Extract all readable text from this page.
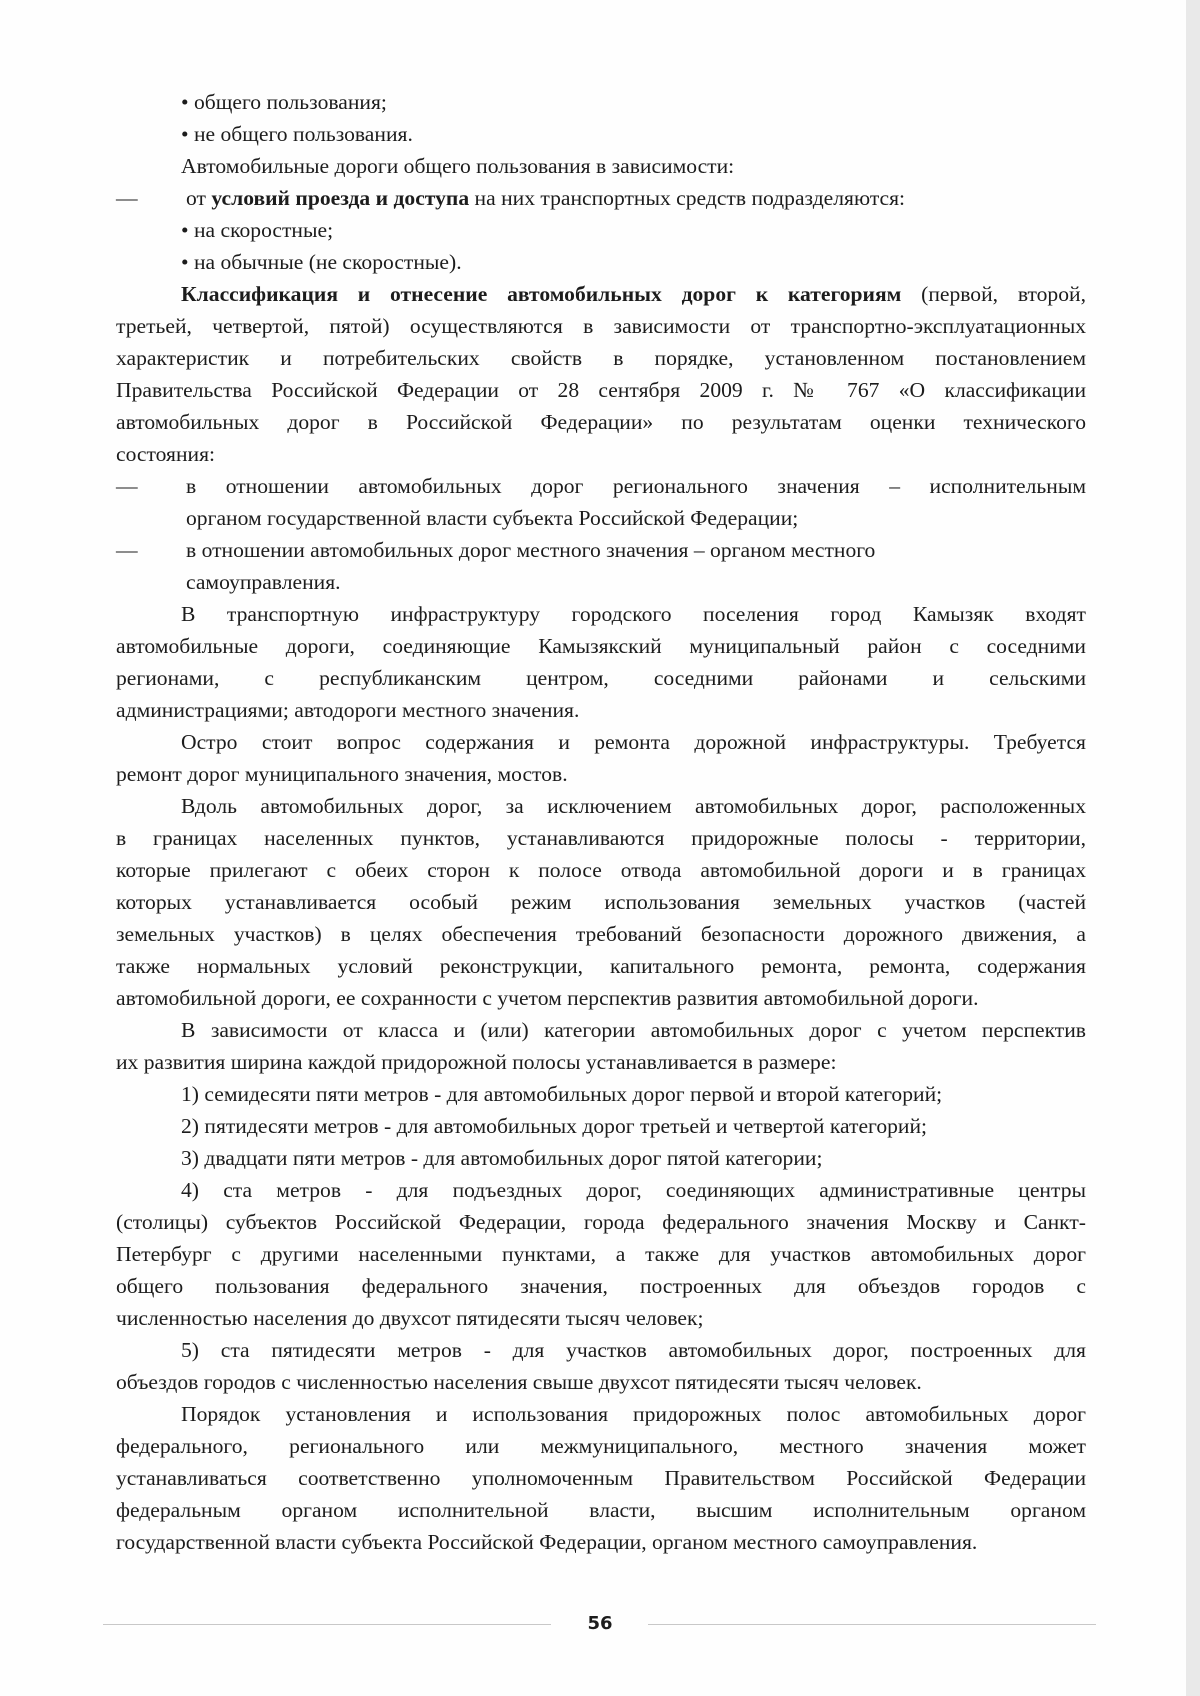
• общего пользования;
• не общего пользования.
Автомобильные дороги общего пользования в зависимости:
—	от условий проезда и доступа на них транспортных средств подразделяются:
• на скоростные;
• на обычные (не скоростные).
Классификация и отнесение автомобильных дорог к категориям (первой, второй,
третьей, четвертой, пятой) осуществляются в зависимости от транспортно-эксплуатационных
характеристик и потребительских свойств в порядке, установленном постановлением
Правительства Российской Федерации от 28 сентября 2009 г. № 767 «О классификации
автомобильных дорог в Российской Федерации» по результатам оценки технического
состояния:
—	в отношении автомобильных дорог регионального значения – исполнительным
органом государственной власти субъекта Российской Федерации;
—	в отношении автомобильных дорог местного значения – органом местного
самоуправления.
В транспортную инфраструктуру городского поселения город Камызяк входят
автомобильные дороги, соединяющие Камызякский муниципальный район с соседними
регионами, с республиканским центром, соседними районами и сельскими
администрациями; автодороги местного значения.
Остро стоит вопрос содержания и ремонта дорожной инфраструктуры. Требуется
ремонт дорог муниципального значения, мостов.
Вдоль автомобильных дорог, за исключением автомобильных дорог, расположенных
в границах населенных пунктов, устанавливаются придорожные полосы - территории,
которые прилегают с обеих сторон к полосе отвода автомобильной дороги и в границах
которых устанавливается особый режим использования земельных участков (частей
земельных участков) в целях обеспечения требований безопасности дорожного движения, а
также нормальных условий реконструкции, капитального ремонта, ремонта, содержания
автомобильной дороги, ее сохранности с учетом перспектив развития автомобильной дороги.
В зависимости от класса и (или) категории автомобильных дорог с учетом перспектив
их развития ширина каждой придорожной полосы устанавливается в размере:
1) семидесяти пяти метров - для автомобильных дорог первой и второй категорий;
2) пятидесяти метров - для автомобильных дорог третьей и четвертой категорий;
3) двадцати пяти метров - для автомобильных дорог пятой категории;
4) ста метров - для подъездных дорог, соединяющих административные центры
(столицы) субъектов Российской Федерации, города федерального значения Москву и Санкт-
Петербург с другими населенными пунктами, а также для участков автомобильных дорог
общего пользования федерального значения, построенных для объездов городов с
численностью населения до двухсот пятидесяти тысяч человек;
5) ста пятидесяти метров - для участков автомобильных дорог, построенных для
объездов городов с численностью населения свыше двухсот пятидесяти тысяч человек.
Порядок установления и использования придорожных полос автомобильных дорог
федерального, регионального или межмуниципального, местного значения может
устанавливаться соответственно уполномоченным Правительством Российской Федерации
федеральным органом исполнительной власти, высшим исполнительным органом
государственной власти субъекта Российской Федерации, органом местного самоуправления.
56
